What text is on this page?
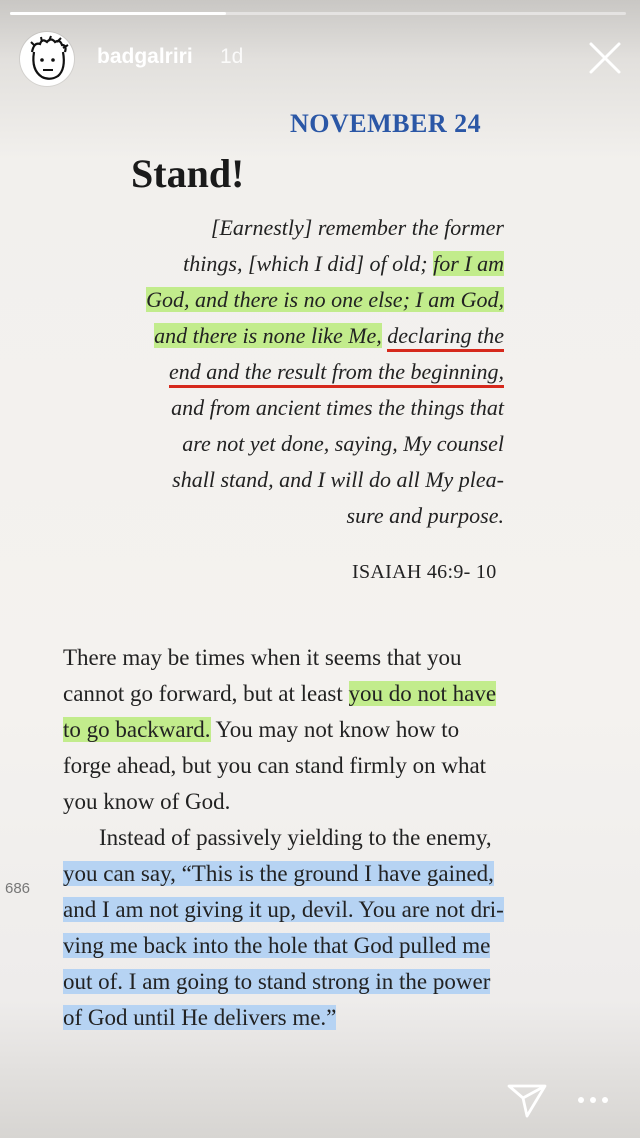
badgalriri 1d
NOVEMBER 24
Stand!
[Earnestly] remember the former
things, [which I did] of old; for I am
God, and there is no one else; I am God,
and there is none like Me, declaring the
end and the result from the beginning,
and from ancient times the things that
are not yet done, saying, My counsel
shall stand, and I will do all My plea-
sure and purpose.
ISAIAH 46:9- 10
There may be times when it seems that you
cannot go forward, but at least you do not have
to go backward. You may not know how to
forge ahead, but you can stand firmly on what
you know of God.
Instead of passively yielding to the enemy,
you can say, “This is the ground I have gained,
and I am not giving it up, devil. You are not dri-
ving me back into the hole that God pulled me
out of. I am going to stand strong in the power
of God until He delivers me.”
686
